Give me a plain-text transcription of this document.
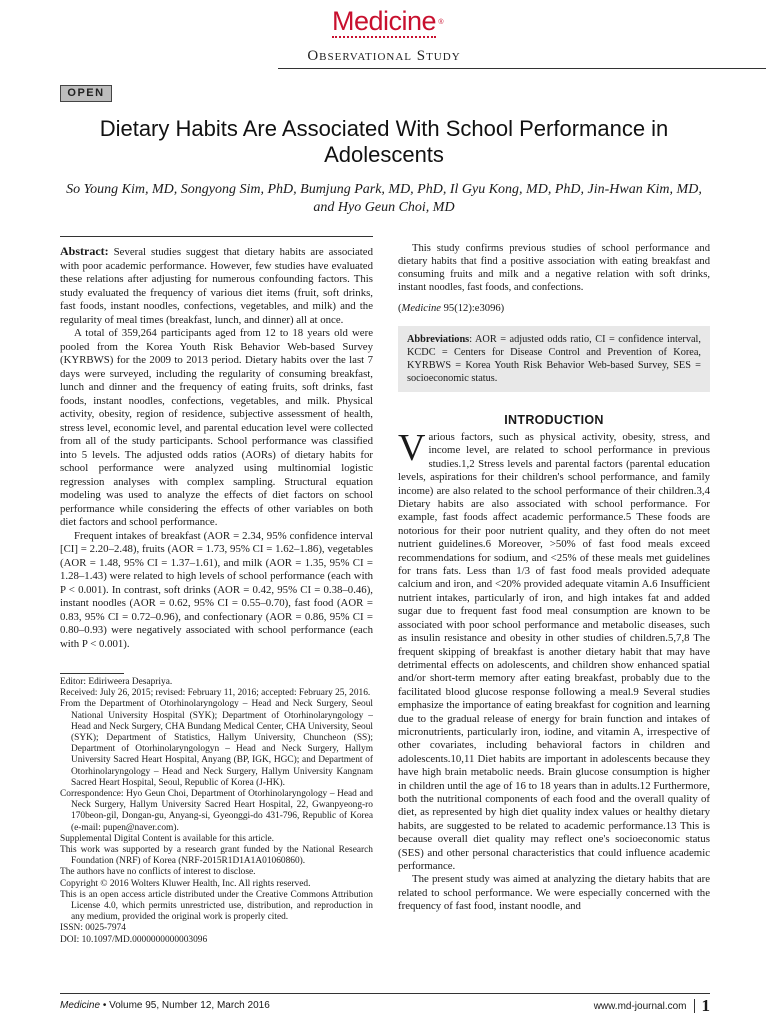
Medicine ®
Observational Study
OPEN
Dietary Habits Are Associated With School Performance in Adolescents
So Young Kim, MD, Songyong Sim, PhD, Bumjung Park, MD, PhD, Il Gyu Kong, MD, PhD, Jin-Hwan Kim, MD, and Hyo Geun Choi, MD

Abstract: Several studies suggest that dietary habits are associated with poor academic performance. However, few studies have evaluated these relations after adjusting for numerous confounding factors. This study evaluated the frequency of various diet items (fruit, soft drinks, fast foods, instant noodles, confections, vegetables, and milk) and the regularity of meal times (breakfast, lunch, and dinner) all at once.

A total of 359,264 participants aged from 12 to 18 years old were pooled from the Korea Youth Risk Behavior Web-based Survey (KYRBWS) for the 2009 to 2013 period. Dietary habits over the last 7 days were surveyed, including the regularity of consuming breakfast, lunch and dinner and the frequency of eating fruits, soft drinks, fast foods, instant noodles, confections, vegetables, and milk. Physical activity, obesity, region of residence, subjective assessment of health, stress level, economic level, and parental education level were collected from all of the study participants. School performance was classified into 5 levels. The adjusted odds ratios (AORs) of dietary habits for school performance were analyzed using multinomial logistic regression analyses with complex sampling. Structural equation modeling was used to analyze the effects of diet factors on school performance while considering the effects of other variables on both diet factors and school performance.

Frequent intakes of breakfast (AOR = 2.34, 95% confidence interval [CI] = 2.20–2.48), fruits (AOR = 1.73, 95% CI = 1.62–1.86), vegetables (AOR = 1.48, 95% CI = 1.37–1.61), and milk (AOR = 1.35, 95% CI = 1.28–1.43) were related to high levels of school performance (each with P < 0.001). In contrast, soft drinks (AOR = 0.42, 95% CI = 0.38–0.46), instant noodles (AOR = 0.62, 95% CI = 0.55–0.70), fast food (AOR = 0.83, 95% CI = 0.72–0.96), and confectionary (AOR = 0.86, 95% CI = 0.80–0.93) were negatively associated with school performance (each with P < 0.001).

Editor: Ediriweera Desapriya.
Received: July 26, 2015; revised: February 11, 2016; accepted: February 25, 2016.
From the Department of Otorhinolaryngology – Head and Neck Surgery, Seoul National University Hospital (SYK); Department of Otorhinolaryngology – Head and Neck Surgery, CHA Bundang Medical Center, CHA University, Seoul (SYK); Department of Statistics, Hallym University, Chuncheon (SS); Department of Otorhinolaryngologyn – Head and Neck Surgery, Hallym University Sacred Heart Hospital, Anyang (BP, IGK, HGC); and Department of Otorhinolaryngology – Head and Neck Surgery, Hallym University Kangnam Sacred Heart Hospital, Seoul, Republic of Korea (J-HK).
Correspondence: Hyo Geun Choi, Department of Otorhinolaryngology – Head and Neck Surgery, Hallym University Sacred Heart Hospital, 22, Gwanpyeong-ro 170beon-gil, Dongan-gu, Anyang-si, Gyeonggi-do 431-796, Republic of Korea (e-mail: pupen@naver.com).
Supplemental Digital Content is available for this article.
This work was supported by a research grant funded by the National Research Foundation (NRF) of Korea (NRF-2015R1D1A1A01060860).
The authors have no conflicts of interest to disclose.
Copyright © 2016 Wolters Kluwer Health, Inc. All rights reserved.
This is an open access article distributed under the Creative Commons Attribution License 4.0, which permits unrestricted use, distribution, and reproduction in any medium, provided the original work is properly cited.
ISSN: 0025-7974
DOI: 10.1097/MD.0000000000003096

This study confirms previous studies of school performance and dietary habits that find a positive association with eating breakfast and consuming fruits and milk and a negative relation with soft drinks, instant noodles, fast foods, and confections.

(Medicine 95(12):e3096)

Abbreviations: AOR = adjusted odds ratio, CI = confidence interval, KCDC = Centers for Disease Control and Prevention of Korea, KYRBWS = Korea Youth Risk Behavior Web-based Survey, SES = socioeconomic status.
INTRODUCTION
Various factors, such as physical activity, obesity, stress, and income level, are related to school performance in previous studies.1,2 Stress levels and parental factors (parental education levels, aspirations for their children's school performance, and family income) are also related to the school performance of their children.3,4 Dietary habits are also associated with school performance. For example, fast foods affect academic performance.5 These foods are notorious for their poor nutrient quality, and they often do not meet nutrient guidelines.6 Moreover, >50% of fast food meals exceed recommendations for sodium, and <25% of these meals met guidelines for trans fats. Less than 1/3 of fast food meals provided adequate calcium and iron, and <20% provided adequate vitamin A.6 Insufficient nutrient intakes, particularly of iron, and high intakes fat and added sugar due to frequent fast food meal consumption are known to be associated with poor school performance and metabolic diseases, such as insulin resistance and obesity in other studies of children.5,7,8 The frequent skipping of breakfast is another dietary habit that may have detrimental effects on adolescents, and children show enhanced spatial and/or short-term memory after eating breakfast, probably due to the facilitated blood glucose response following a meal.9 Several studies emphasize the importance of eating breakfast for cognition and learning due to the gradual release of energy for brain function and intakes of micronutrients, particularly iron, iodine, and vitamin A, irrespective of other covariates, including behavioral factors in children and adolescents.10,11 Diet habits are important in adolescents because they have high brain metabolic needs. Brain glucose consumption is higher in children until the age of 16 to 18 years than in adults.12 Furthermore, both the nutritional components of each food and the overall quality of diet, as represented by high diet quality index values or healthy dietary habits, are suggested to be related to academic performance.13 This is because overall diet quality may reflect one's socioeconomic status (SES) and other personal characteristics that could influence academic performance.

The present study was aimed at analyzing the dietary habits that are related to school performance. We were especially concerned with the frequency of fast food, instant noodle, and

Medicine • Volume 95, Number 12, March 2016	www.md-journal.com 1
